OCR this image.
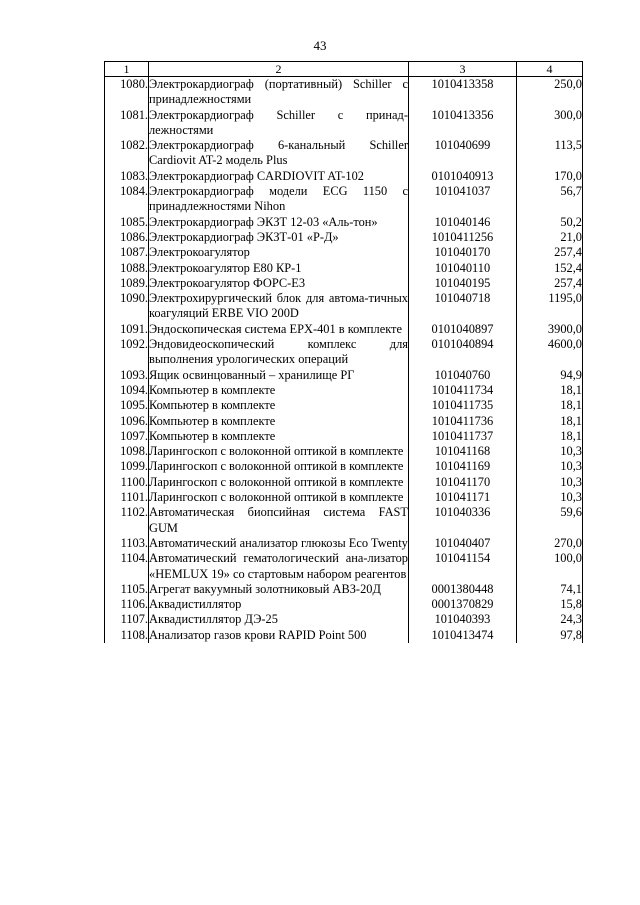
43
1	2	3	4
1080.	Электрокардиограф (портативный) Schiller с принадлежностями	1010413358	250,0
1081.	Электрокардиограф Schiller с принад-лежностями	1010413356	300,0
1082.	Электрокардиограф 6-канальный Schiller Cardiovit AT-2 модель Plus	101040699	113,5
1083.	Электрокардиограф CARDIOVIT AT-102	0101040913	170,0
1084.	Электрокардиограф модели ECG 1150 с принадлежностями Nihon	101041037	56,7
1085.	Электрокардиограф ЭКЗТ 12-03 «Аль-тон»	101040146	50,2
1086.	Электрокардиограф ЭКЗТ-01 «Р-Д»	1010411256	21,0
1087.	Электрокоагулятор	101040170	257,4
1088.	Электрокоагулятор Е80 КР-1	101040110	152,4
1089.	Электрокоагулятор ФОРС-Е3	101040195	257,4
1090.	Электрохирургический блок для автома-тичных коагуляций ERBE VIO 200D	101040718	1195,0
1091.	Эндоскопическая система EPX-401 в комплекте	0101040897	3900,0
1092.	Эндовидеоскопический комплекс для выполнения урологических операций	0101040894	4600,0
1093.	Ящик освинцованный – хранилище РГ	101040760	94,9
1094.	Компьютер в комплекте	1010411734	18,1
1095.	Компьютер в комплекте	1010411735	18,1
1096.	Компьютер в комплекте	1010411736	18,1
1097.	Компьютер в комплекте	1010411737	18,1
1098.	Ларингоскоп с волоконной оптикой в комплекте	101041168	10,3
1099.	Ларингоскоп с волоконной оптикой в комплекте	101041169	10,3
1100.	Ларингоскоп с волоконной оптикой в комплекте	101041170	10,3
1101.	Ларингоскоп с волоконной оптикой в комплекте	101041171	10,3
1102.	Автоматическая биопсийная система FAST GUM	101040336	59,6
1103.	Автоматический анализатор глюкозы Eco Twenty	101040407	270,0
1104.	Автоматический гематологический ана-лизатор «HEMLUX 19» со стартовым набором реагентов	101041154	100,0
1105.	Агрегат вакуумный золотниковый АВЗ-20Д	0001380448	74,1
1106.	Аквадистиллятор	0001370829	15,8
1107.	Аквадистиллятор ДЭ-25	101040393	24,3
1108.	Анализатор газов крови RAPID Point 500	1010413474	97,8
